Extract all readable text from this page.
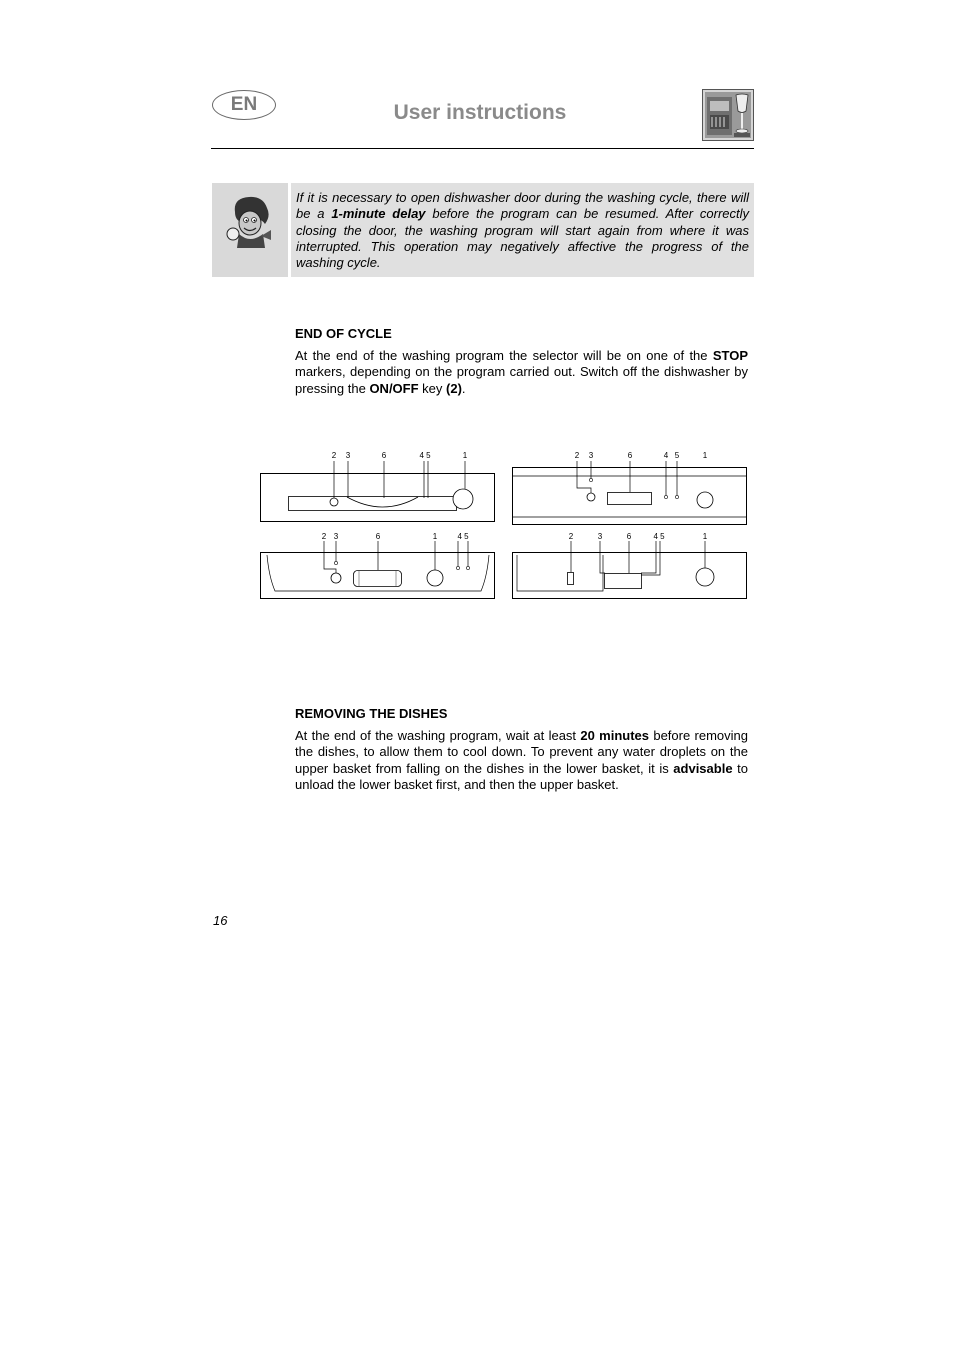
EN	User instructions
If it is necessary to open dishwasher door during the washing cycle, there will be a 1-minute delay before the program can be resumed. After correctly closing the door, the washing program will start again from where it was interrupted. This operation may negatively affective the progress of the washing cycle.
END OF CYCLE
At the end of the washing program the selector will be on one of the STOP markers, depending on the program carried out. Switch off the dishwasher by pressing the ON/OFF key (2).
2 3	6	4 5	1	2 3	6	4 5	1
2 3	6	1	4 5	2	3	6	4 5	1
REMOVING THE DISHES
At the end of the washing program, wait at least 20 minutes before removing the dishes, to allow them to cool down. To prevent any water droplets on the upper basket from falling on the dishes in the lower basket, it is advisable to unload the lower basket first, and then the upper basket.
16
